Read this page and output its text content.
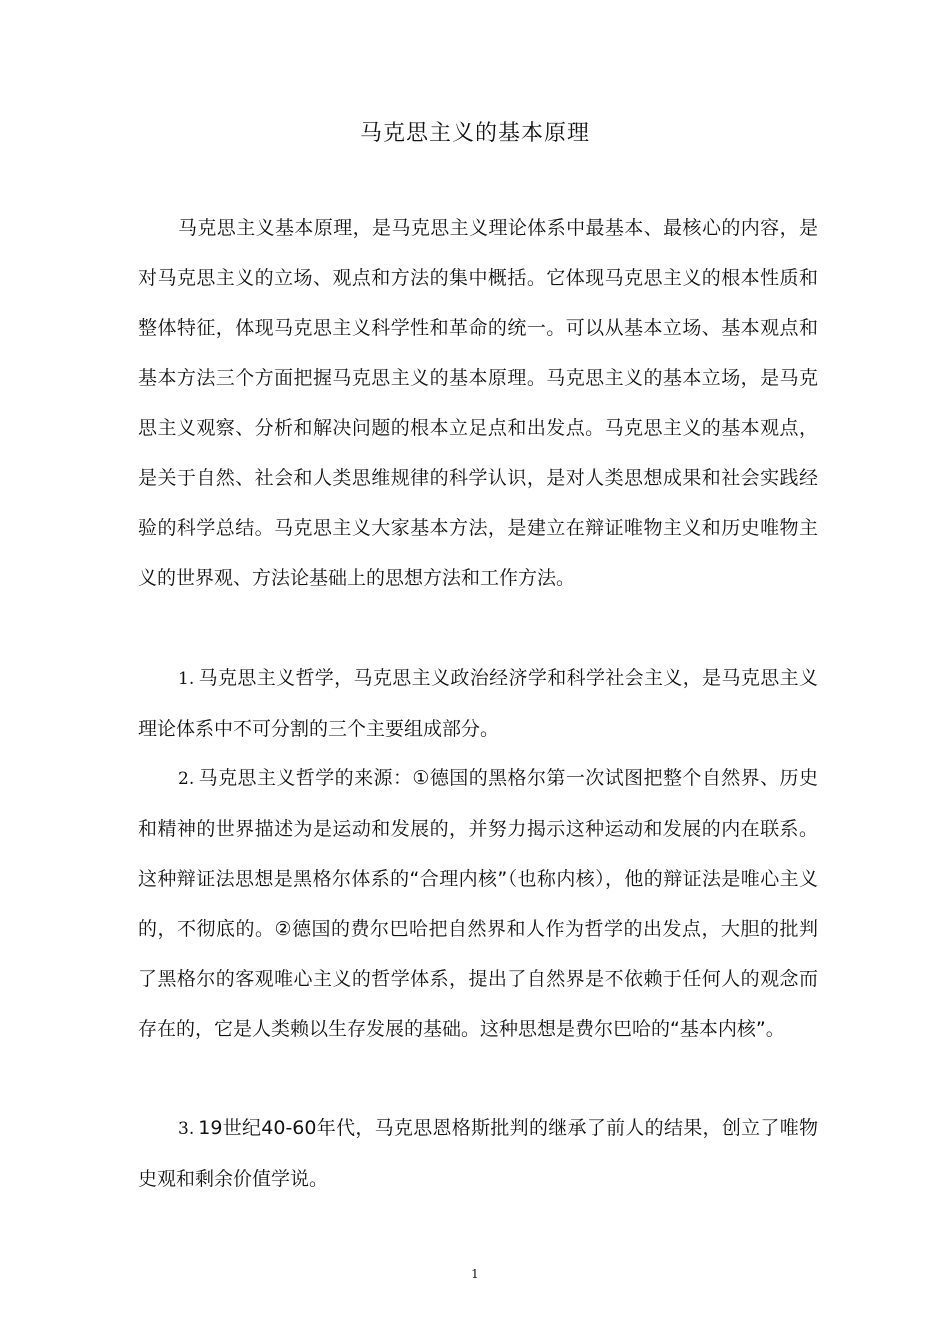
马克思主义的基本原理

马克思主义基本原理，是马克思主义理论体系中最基本、最核心的内容，是对马克思主义的立场、观点和方法的集中概括。它体现马克思主义的根本性质和整体特征，体现马克思主义科学性和革命的统一。可以从基本立场、基本观点和基本方法三个方面把握马克思主义的基本原理。马克思主义的基本立场，是马克思主义观察、分析和解决问题的根本立足点和出发点。马克思主义的基本观点，是关于自然、社会和人类思维规律的科学认识，是对人类思想成果和社会实践经验的科学总结。马克思主义大家基本方法，是建立在辩证唯物主义和历史唯物主义的世界观、方法论基础上的思想方法和工作方法。

1. 马克思主义哲学，马克思主义政治经济学和科学社会主义，是马克思主义理论体系中不可分割的三个主要组成部分。

2. 马克思主义哲学的来源：①德国的黑格尔第一次试图把整个自然界、历史和精神的世界描述为是运动和发展的，并努力揭示这种运动和发展的内在联系。这种辩证法思想是黑格尔体系的“合理内核”（也称内核），他的辩证法是唯心主义的，不彻底的。②德国的费尔巴哈把自然界和人作为哲学的出发点，大胆的批判了黑格尔的客观唯心主义的哲学体系，提出了自然界是不依赖于任何人的观念而存在的，它是人类赖以生存发展的基础。这种思想是费尔巴哈的“基本内核”。

3. 19世纪40-60年代，马克思恩格斯批判的继承了前人的结果，创立了唯物史观和剩余价值学说。

1
